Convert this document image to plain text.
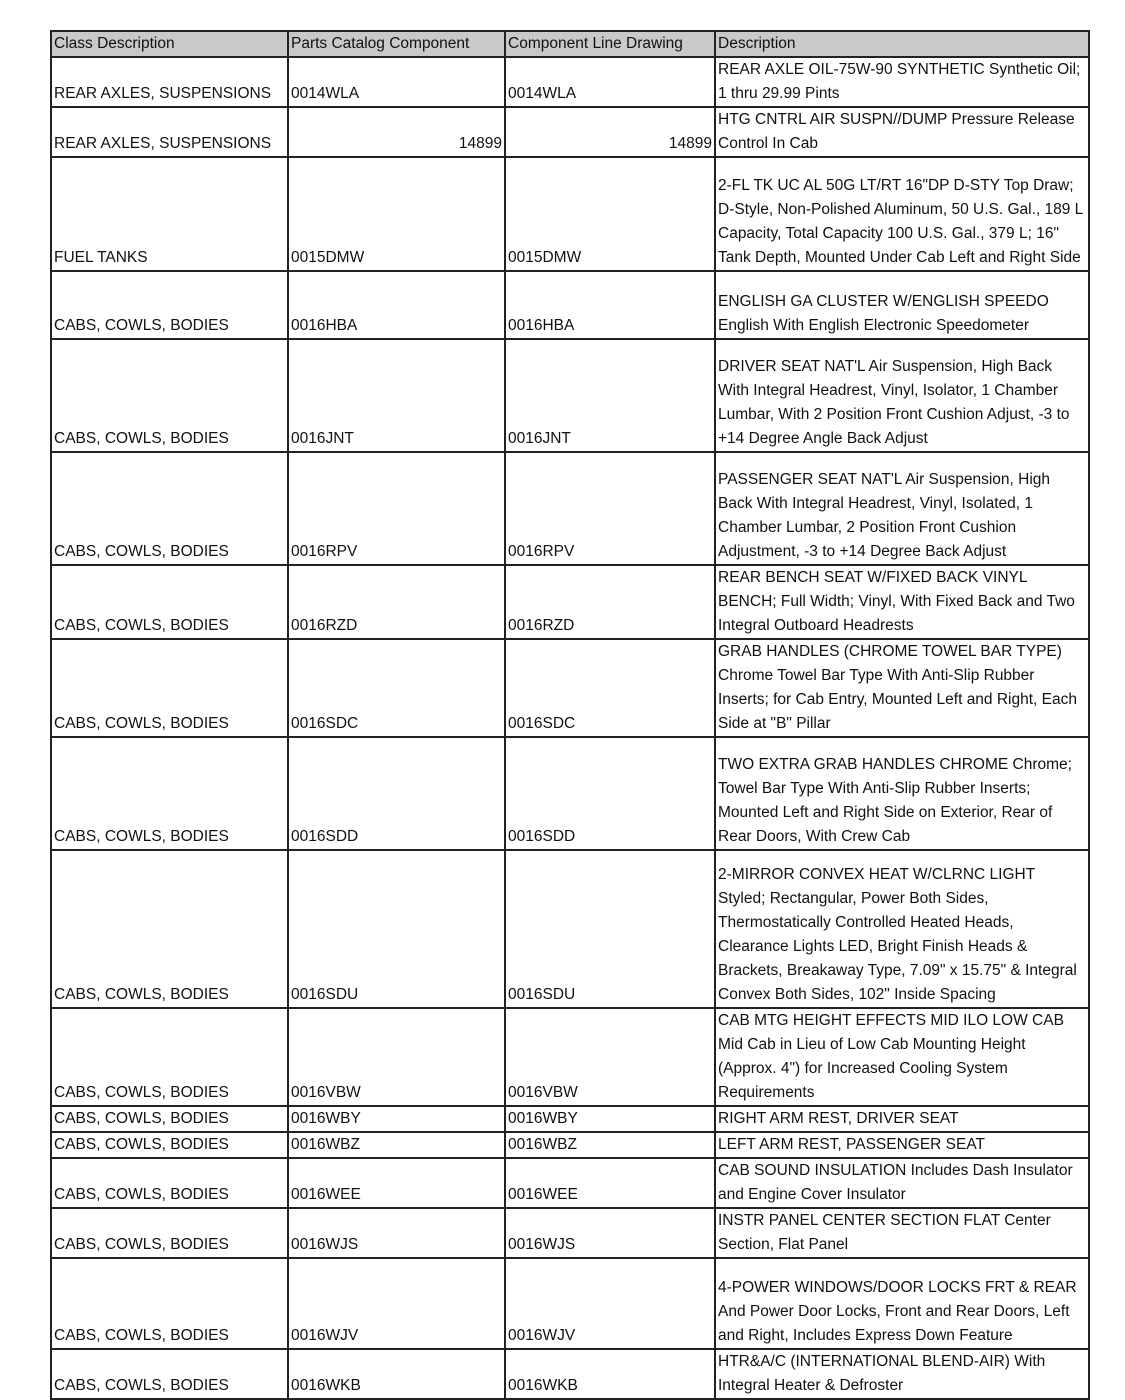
Class Description	Parts Catalog Component	Component Line Drawing	Description
REAR AXLES, SUSPENSIONS	0014WLA	0014WLA	REAR AXLE OIL-75W-90 SYNTHETIC Synthetic Oil; 1 thru 29.99 Pints
REAR AXLES, SUSPENSIONS	14899	14899	HTG CNTRL AIR SUSPN//DUMP Pressure Release Control In Cab
FUEL TANKS	0015DMW	0015DMW	2-FL TK UC AL 50G LT/RT 16"DP D-STY Top Draw; D-Style, Non-Polished Aluminum, 50 U.S. Gal., 189 L Capacity, Total Capacity 100 U.S. Gal., 379 L; 16" Tank Depth, Mounted Under Cab Left and Right Side
CABS, COWLS, BODIES	0016HBA	0016HBA	ENGLISH GA CLUSTER W/ENGLISH SPEEDO English With English Electronic Speedometer
CABS, COWLS, BODIES	0016JNT	0016JNT	DRIVER SEAT NAT'L Air Suspension, High Back With Integral Headrest, Vinyl, Isolator, 1 Chamber Lumbar, With 2 Position Front Cushion Adjust, -3 to +14 Degree Angle Back Adjust
CABS, COWLS, BODIES	0016RPV	0016RPV	PASSENGER SEAT NAT'L Air Suspension, High Back With Integral Headrest, Vinyl, Isolated, 1 Chamber Lumbar, 2 Position Front Cushion Adjustment, -3 to +14 Degree Back Adjust
CABS, COWLS, BODIES	0016RZD	0016RZD	REAR BENCH SEAT W/FIXED BACK VINYL BENCH; Full Width; Vinyl, With Fixed Back and Two Integral Outboard Headrests
CABS, COWLS, BODIES	0016SDC	0016SDC	GRAB HANDLES (CHROME TOWEL BAR TYPE) Chrome Towel Bar Type With Anti-Slip Rubber Inserts; for Cab Entry, Mounted Left and Right, Each Side at "B" Pillar
CABS, COWLS, BODIES	0016SDD	0016SDD	TWO EXTRA GRAB HANDLES CHROME Chrome; Towel Bar Type With Anti-Slip Rubber Inserts; Mounted Left and Right Side on Exterior, Rear of Rear Doors, With Crew Cab
CABS, COWLS, BODIES	0016SDU	0016SDU	2-MIRROR CONVEX HEAT W/CLRNC LIGHT Styled; Rectangular, Power Both Sides, Thermostatically Controlled Heated Heads, Clearance Lights LED, Bright Finish Heads & Brackets, Breakaway Type, 7.09" x 15.75" & Integral Convex Both Sides, 102" Inside Spacing
CABS, COWLS, BODIES	0016VBW	0016VBW	CAB MTG HEIGHT EFFECTS MID ILO LOW CAB Mid Cab in Lieu of Low Cab Mounting Height (Approx. 4") for Increased Cooling System Requirements
CABS, COWLS, BODIES	0016WBY	0016WBY	RIGHT ARM REST, DRIVER SEAT
CABS, COWLS, BODIES	0016WBZ	0016WBZ	LEFT ARM REST, PASSENGER SEAT
CABS, COWLS, BODIES	0016WEE	0016WEE	CAB SOUND INSULATION Includes Dash Insulator and Engine Cover Insulator
CABS, COWLS, BODIES	0016WJS	0016WJS	INSTR PANEL CENTER SECTION FLAT Center Section, Flat Panel
CABS, COWLS, BODIES	0016WJV	0016WJV	4-POWER WINDOWS/DOOR LOCKS FRT & REAR And Power Door Locks, Front and Rear Doors, Left and Right, Includes Express Down Feature
CABS, COWLS, BODIES	0016WKB	0016WKB	HTR&A/C (INTERNATIONAL BLEND-AIR) With Integral Heater & Defroster
